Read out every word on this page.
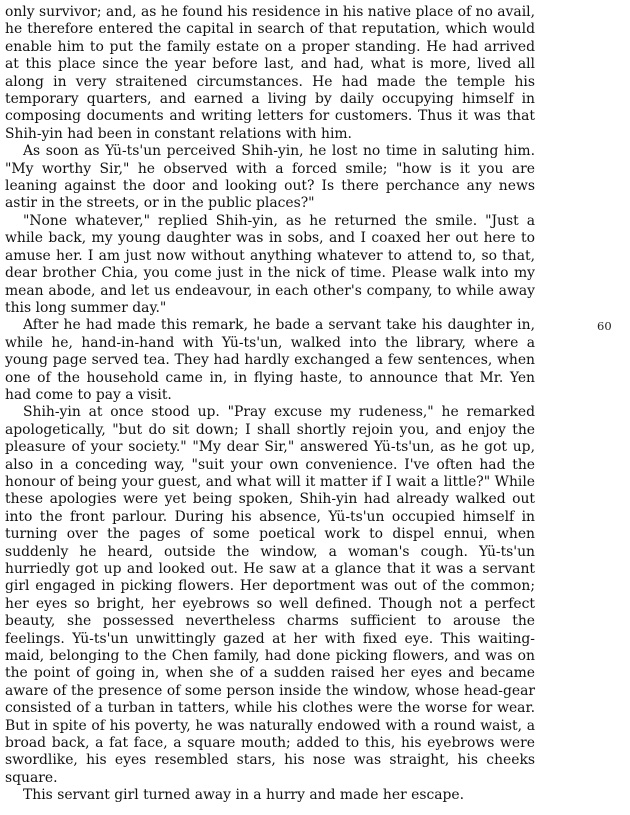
only survivor; and, as he found his residence in his native place of no avail, he therefore entered the capital in search of that reputation, which would enable him to put the family estate on a proper standing. He had arrived at this place since the year before last, and had, what is more, lived all along in very straitened circumstances. He had made the temple his temporary quarters, and earned a living by daily occupying himself in composing documents and writing letters for customers. Thus it was that Shih-yin had been in constant relations with him.

As soon as Yü-ts'un perceived Shih-yin, he lost no time in saluting him. "My worthy Sir," he observed with a forced smile; "how is it you are leaning against the door and looking out? Is there perchance any news astir in the streets, or in the public places?"

"None whatever," replied Shih-yin, as he returned the smile. "Just a while back, my young daughter was in sobs, and I coaxed her out here to amuse her. I am just now without anything whatever to attend to, so that, dear brother Chia, you come just in the nick of time. Please walk into my mean abode, and let us endeavour, in each other's company, to while away this long summer day."

After he had made this remark, he bade a servant take his daughter in, while he, hand-in-hand with Yü-ts'un, walked into the library, where a young page served tea. They had hardly exchanged a few sentences, when one of the household came in, in flying haste, to announce that Mr. Yen had come to pay a visit.

Shih-yin at once stood up. "Pray excuse my rudeness," he remarked apologetically, "but do sit down; I shall shortly rejoin you, and enjoy the pleasure of your society." "My dear Sir," answered Yü-ts'un, as he got up, also in a conceding way, "suit your own convenience. I've often had the honour of being your guest, and what will it matter if I wait a little?" While these apologies were yet being spoken, Shih-yin had already walked out into the front parlour. During his absence, Yü-ts'un occupied himself in turning over the pages of some poetical work to dispel ennui, when suddenly he heard, outside the window, a woman's cough. Yü-ts'un hurriedly got up and looked out. He saw at a glance that it was a servant girl engaged in picking flowers. Her deportment was out of the common; her eyes so bright, her eyebrows so well defined. Though not a perfect beauty, she possessed nevertheless charms sufficient to arouse the feelings. Yü-ts'un unwittingly gazed at her with fixed eye. This waiting-maid, belonging to the Chen family, had done picking flowers, and was on the point of going in, when she of a sudden raised her eyes and became aware of the presence of some person inside the window, whose head-gear consisted of a turban in tatters, while his clothes were the worse for wear. But in spite of his poverty, he was naturally endowed with a round waist, a broad back, a fat face, a square mouth; added to this, his eyebrows were swordlike, his eyes resembled stars, his nose was straight, his cheeks square.

This servant girl turned away in a hurry and made her escape.

60
